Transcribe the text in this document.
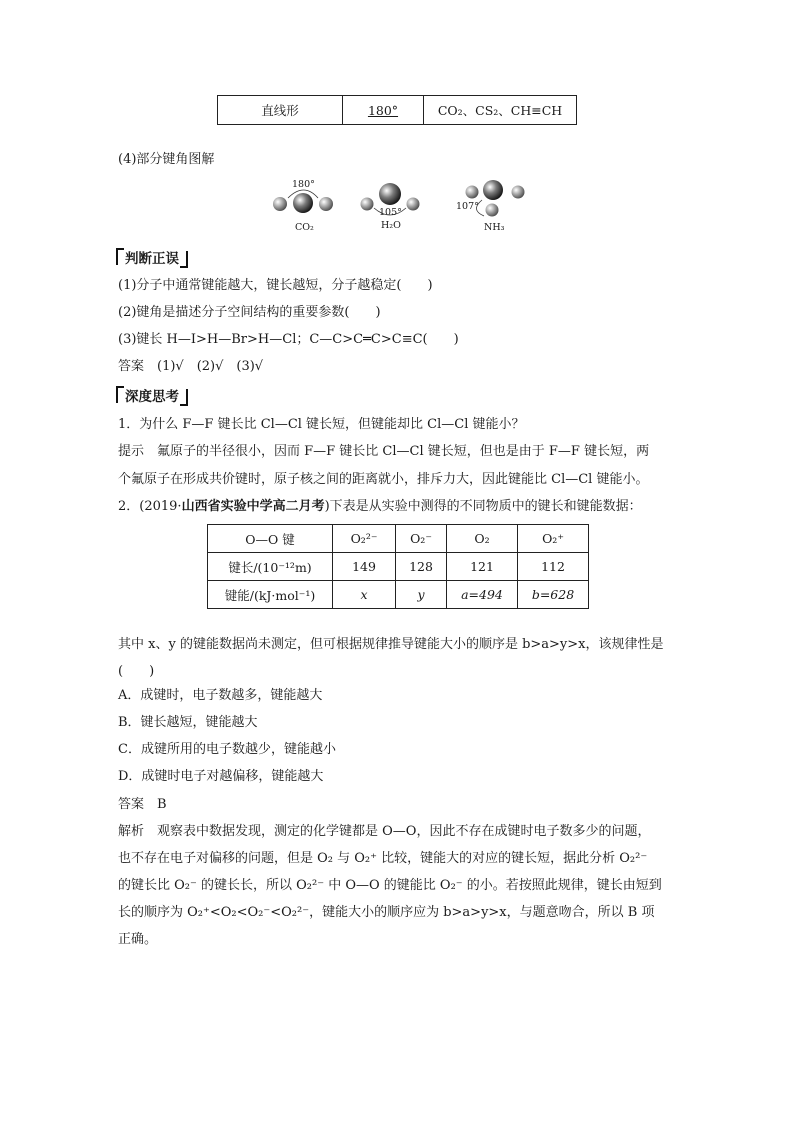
直线形	180°	CO₂、CS₂、CH≡CH
(4)部分键角图解
180°
105°
107°
CO₂	H₂O	NH₃
判断正误
(1)分子中通常键能越大，键长越短，分子越稳定(　　)
(2)键角是描述分子空间结构的重要参数(　　)
(3)键长 H—I>H—Br>H—Cl；C—C>C═C>C≡C(　　)
答案　(1)√　(2)√　(3)√
深度思考
1．为什么 F—F 键长比 Cl—Cl 键长短，但键能却比 Cl—Cl 键能小？
提示　氟原子的半径很小，因而 F—F 键长比 Cl—Cl 键长短，但也是由于 F—F 键长短，两
个氟原子在形成共价键时，原子核之间的距离就小，排斥力大，因此键能比 Cl—Cl 键能小。
2．(2019·山西省实验中学高二月考)下表是从实验中测得的不同物质中的键长和键能数据：
O—O 键	O₂²⁻	O₂⁻	O₂	O₂⁺
键长/(10⁻¹²m)	149	128	121	112
键能/(kJ·mol⁻¹)	x	y	a=494	b=628
其中 x、y 的键能数据尚未测定，但可根据规律推导键能大小的顺序是 b>a>y>x，该规律性是
(　　)
A．成键时，电子数越多，键能越大
B．键长越短，键能越大
C．成键所用的电子数越少，键能越小
D．成键时电子对越偏移，键能越大
答案　B
解析　观察表中数据发现，测定的化学键都是 O—O，因此不存在成键时电子数多少的问题，
也不存在电子对偏移的问题，但是 O₂ 与 O₂⁺ 比较，键能大的对应的键长短，据此分析 O₂²⁻
的键长比 O₂⁻ 的键长长，所以 O₂²⁻ 中 O—O 的键能比 O₂⁻ 的小。若按照此规律，键长由短到
长的顺序为 O₂⁺<O₂<O₂⁻<O₂²⁻，键能大小的顺序应为 b>a>y>x，与题意吻合，所以 B 项
正确。
